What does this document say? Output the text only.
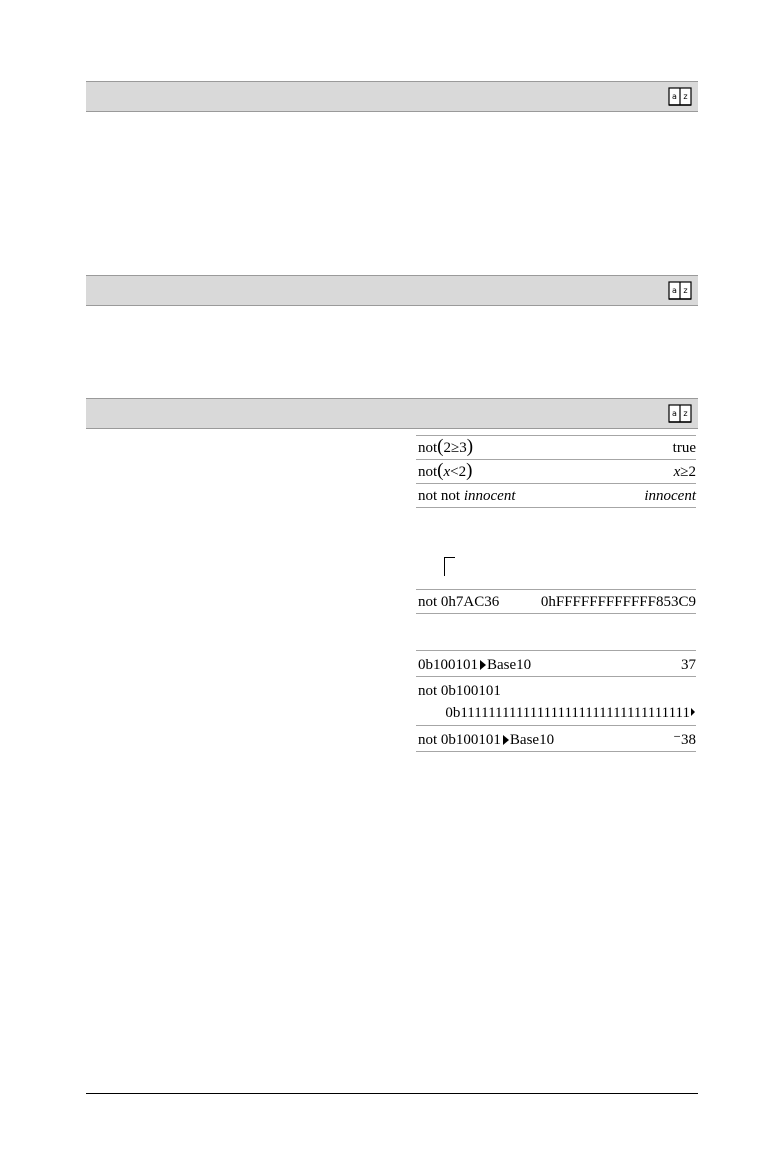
a z
a z
a z
not(2≥3)	true
not(x<2)	x≥2
not not innocent	innocent
not 0h7AC36	0hFFFFFFFFFFFF853C9
0b100101 Base10	37
not 0b100101
0b111111111111111111111111111111111
not 0b100101 Base10	⁻38
